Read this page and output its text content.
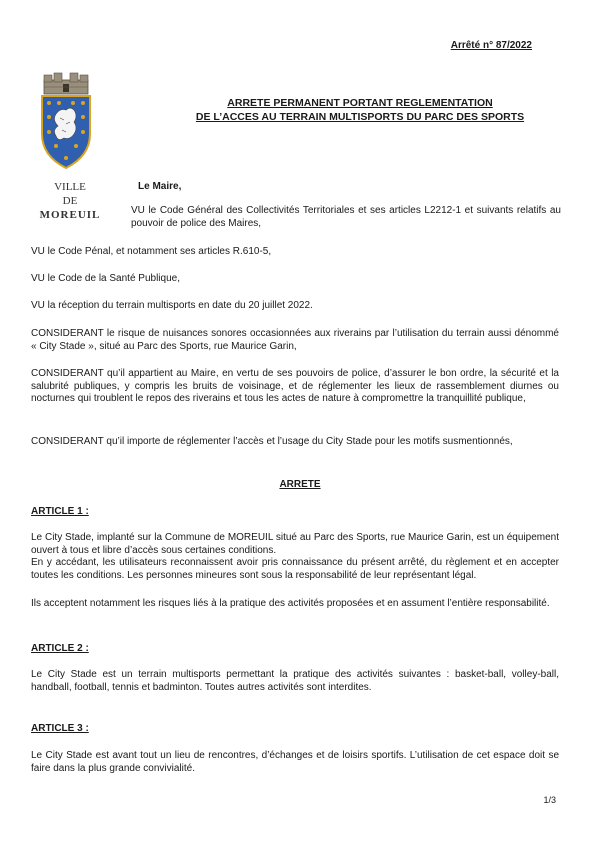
Arrêté n° 87/2022
VILLE
DE
MOREUIL
ARRETE PERMANENT PORTANT REGLEMENTATION
DE L’ACCES AU TERRAIN MULTISPORTS DU PARC DES SPORTS
Le Maire,

VU le Code Général des Collectivités Territoriales et ses articles L2212-1 et suivants relatifs au pouvoir de police des Maires,

VU le Code Pénal, et notamment ses articles R.610-5,

VU le Code de la Santé Publique,

VU la réception du terrain multisports en date du 20 juillet 2022.

CONSIDERANT le risque de nuisances sonores occasionnées aux riverains par l’utilisation du terrain aussi dénommé « City Stade », situé au Parc des Sports, rue Maurice Garin,

CONSIDERANT qu’il appartient au Maire, en vertu de ses pouvoirs de police, d’assurer le bon ordre, la sécurité et la salubrité publiques, y compris les bruits de voisinage, et de réglementer les lieux de rassemblement diurnes ou nocturnes qui troublent le repos des riverains et tous les actes de nature à compromettre la tranquillité publique,

CONSIDERANT qu’il importe de réglementer l’accès et l’usage du City Stade pour les motifs susmentionnés,

ARRETE
ARTICLE 1 :

Le City Stade, implanté sur la Commune de MOREUIL situé au Parc des Sports, rue Maurice Garin, est un équipement ouvert à tous et libre d’accès sous certaines conditions.

En y accédant, les utilisateurs reconnaissent avoir pris connaissance du présent arrêté, du règlement et en accepter toutes les conditions. Les personnes mineures sont sous la responsabilité de leur représentant légal.

Ils acceptent notamment les risques liés à la pratique des activités proposées et en assument l’entière responsabilité.

ARTICLE 2 :

Le City Stade est un terrain multisports permettant la pratique des activités suivantes : basket-ball, volley-ball, handball, football, tennis et badminton. Toutes autres activités sont interdites.

ARTICLE 3 :

Le City Stade est avant tout un lieu de rencontres, d’échanges et de loisirs sportifs. L’utilisation de cet espace doit se faire dans la plus grande convivialité.

1/3
